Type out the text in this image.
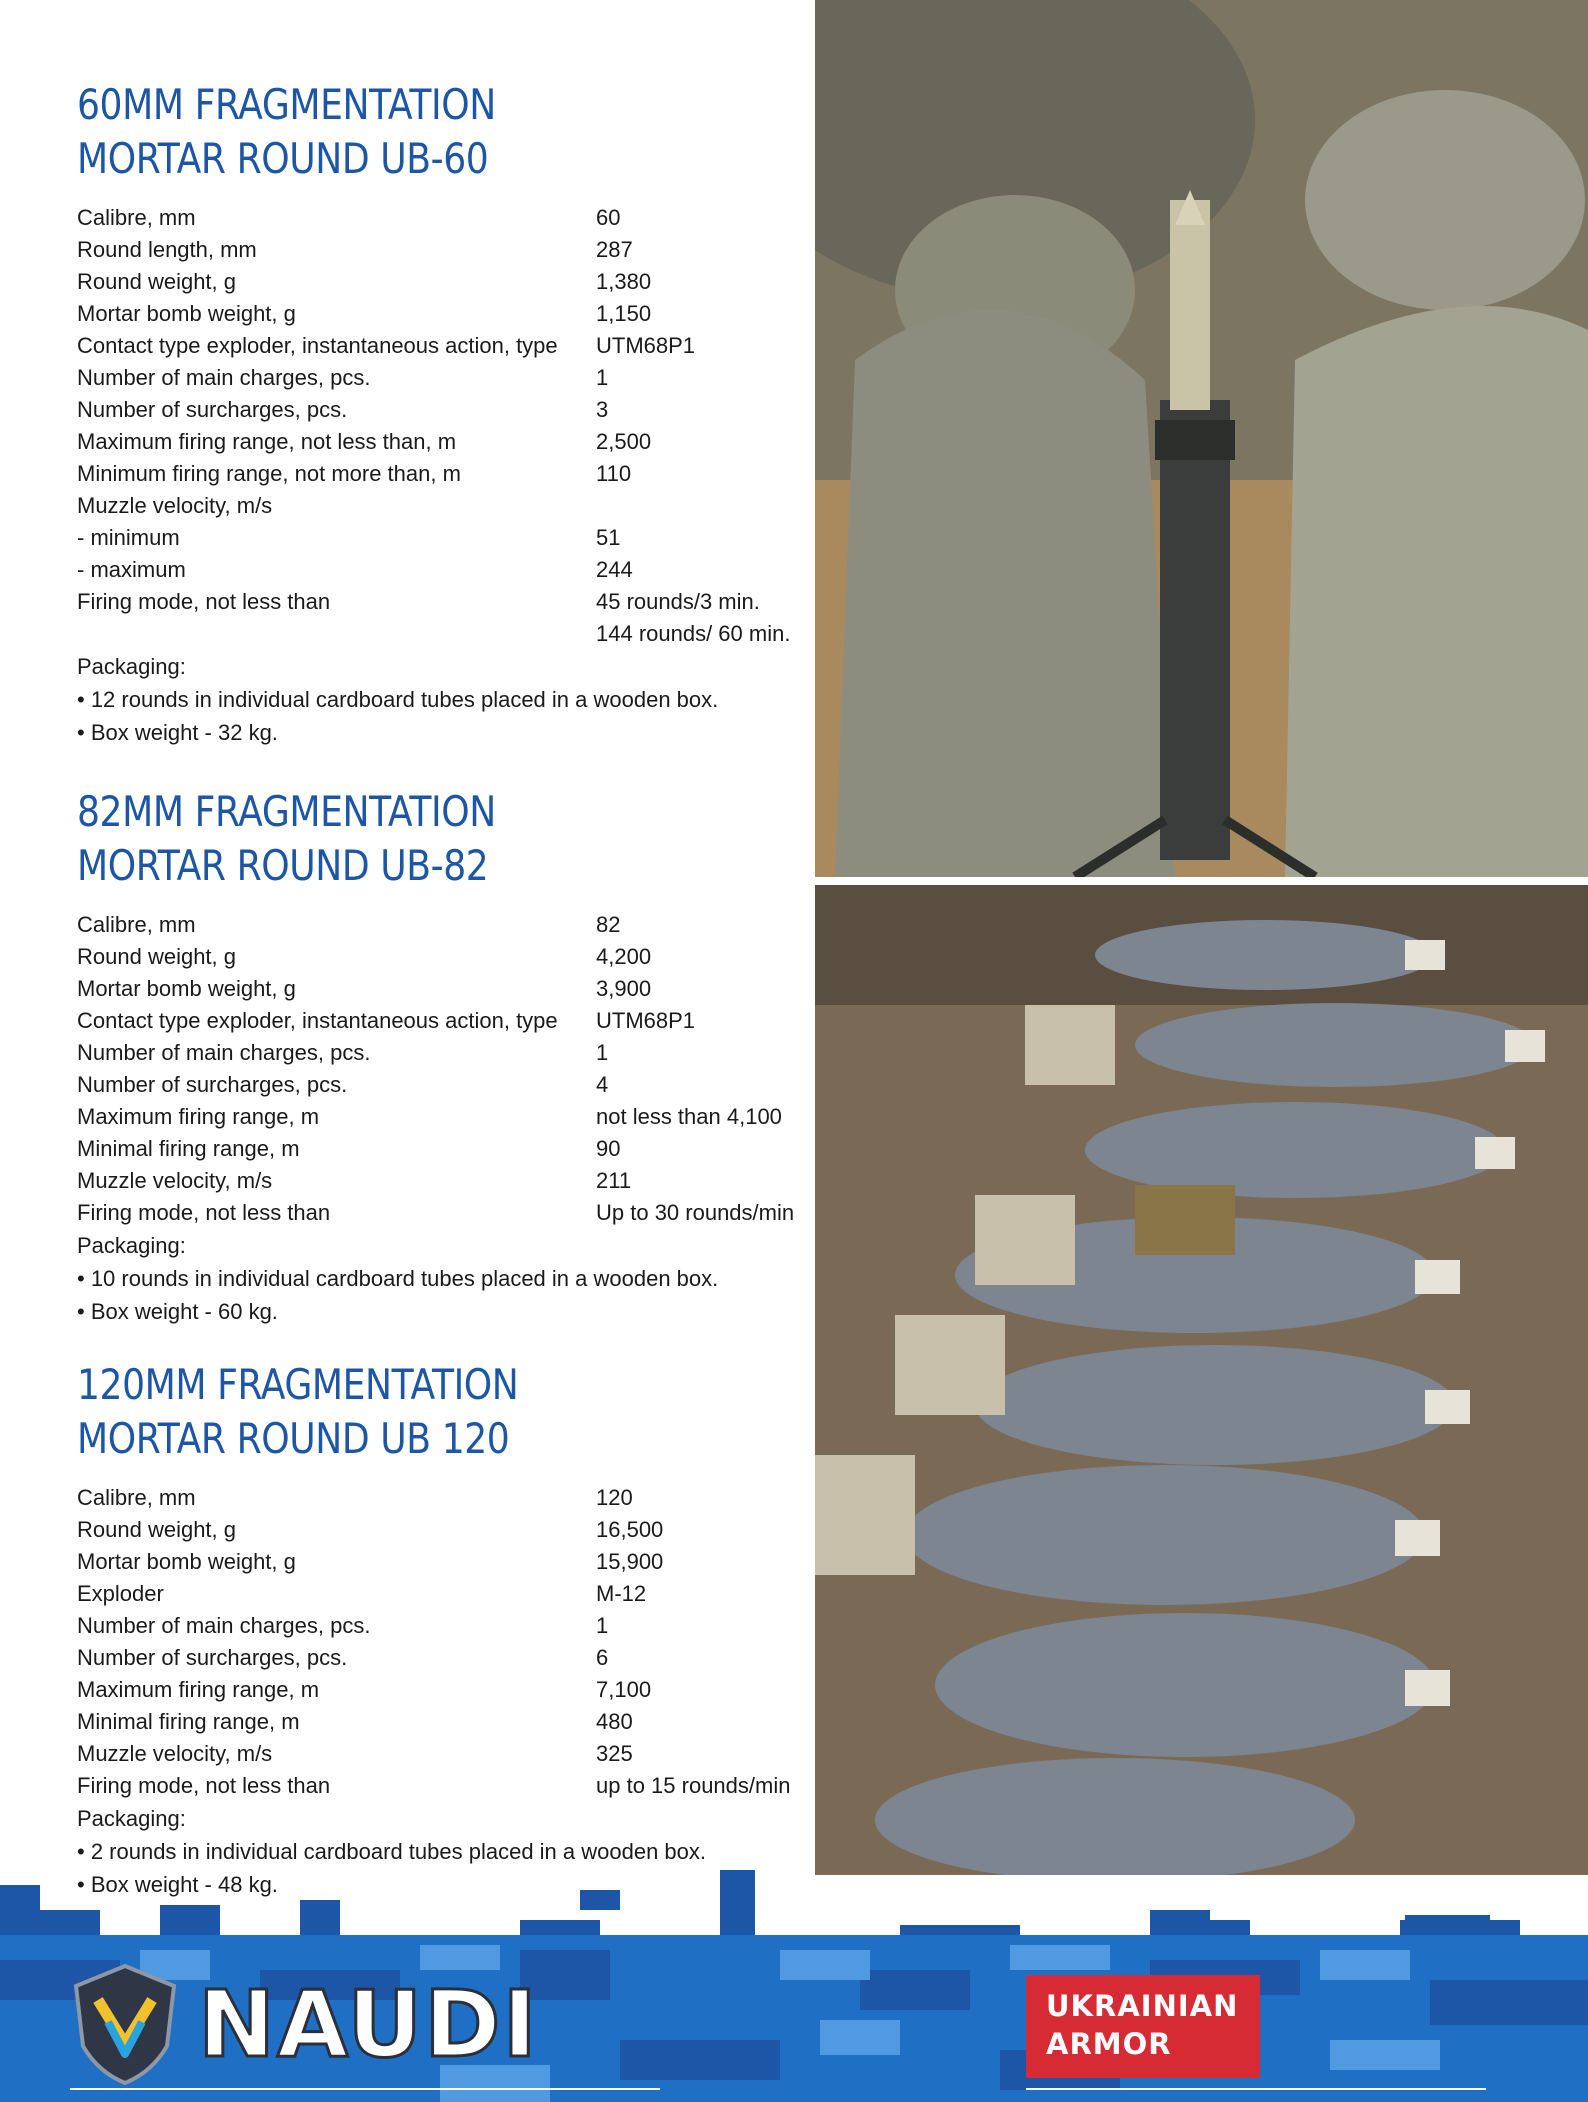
60MM FRAGMENTATION
MORTAR ROUND UB-60
Calibre, mm	60
Round length, mm	287
Round weight, g	1,380
Mortar bomb weight, g	1,150
Contact type exploder, instantaneous action, type	UTM68P1
Number of main charges, pcs.	1
Number of surcharges, pcs.	3
Maximum firing range, not less than, m	2,500
Minimum firing range, not more than, m	110
Muzzle velocity, m/s
- minimum	51
- maximum	244
Firing mode, not less than	45 rounds/3 min.
144 rounds/ 60 min.
Packaging:
• 12 rounds in individual cardboard tubes placed in a wooden box.
• Box weight - 32 kg.
82MM FRAGMENTATION
MORTAR ROUND UB-82
Calibre, mm	82
Round weight, g	4,200
Mortar bomb weight, g	3,900
Contact type exploder, instantaneous action, type	UTM68P1
Number of main charges, pcs.	1
Number of surcharges, pcs.	4
Maximum firing range, m	not less than 4,100
Minimal firing range, m	90
Muzzle velocity, m/s	211
Firing mode, not less than	Up to 30 rounds/min
Packaging:
• 10 rounds in individual cardboard tubes placed in a wooden box.
• Box weight - 60 kg.
120MM FRAGMENTATION
MORTAR ROUND UB 120
Calibre, mm	120
Round weight, g	16,500
Mortar bomb weight, g	15,900
Exploder	M-12
Number of main charges, pcs.	1
Number of surcharges, pcs.	6
Maximum firing range, m	7,100
Minimal firing range, m	480
Muzzle velocity, m/s	325
Firing mode, not less than	up to 15 rounds/min
Packaging:
• 2 rounds in individual cardboard tubes placed in a wooden box.
• Box weight - 48 kg.
NAUDI	UKRAINIAN
ARMOR
